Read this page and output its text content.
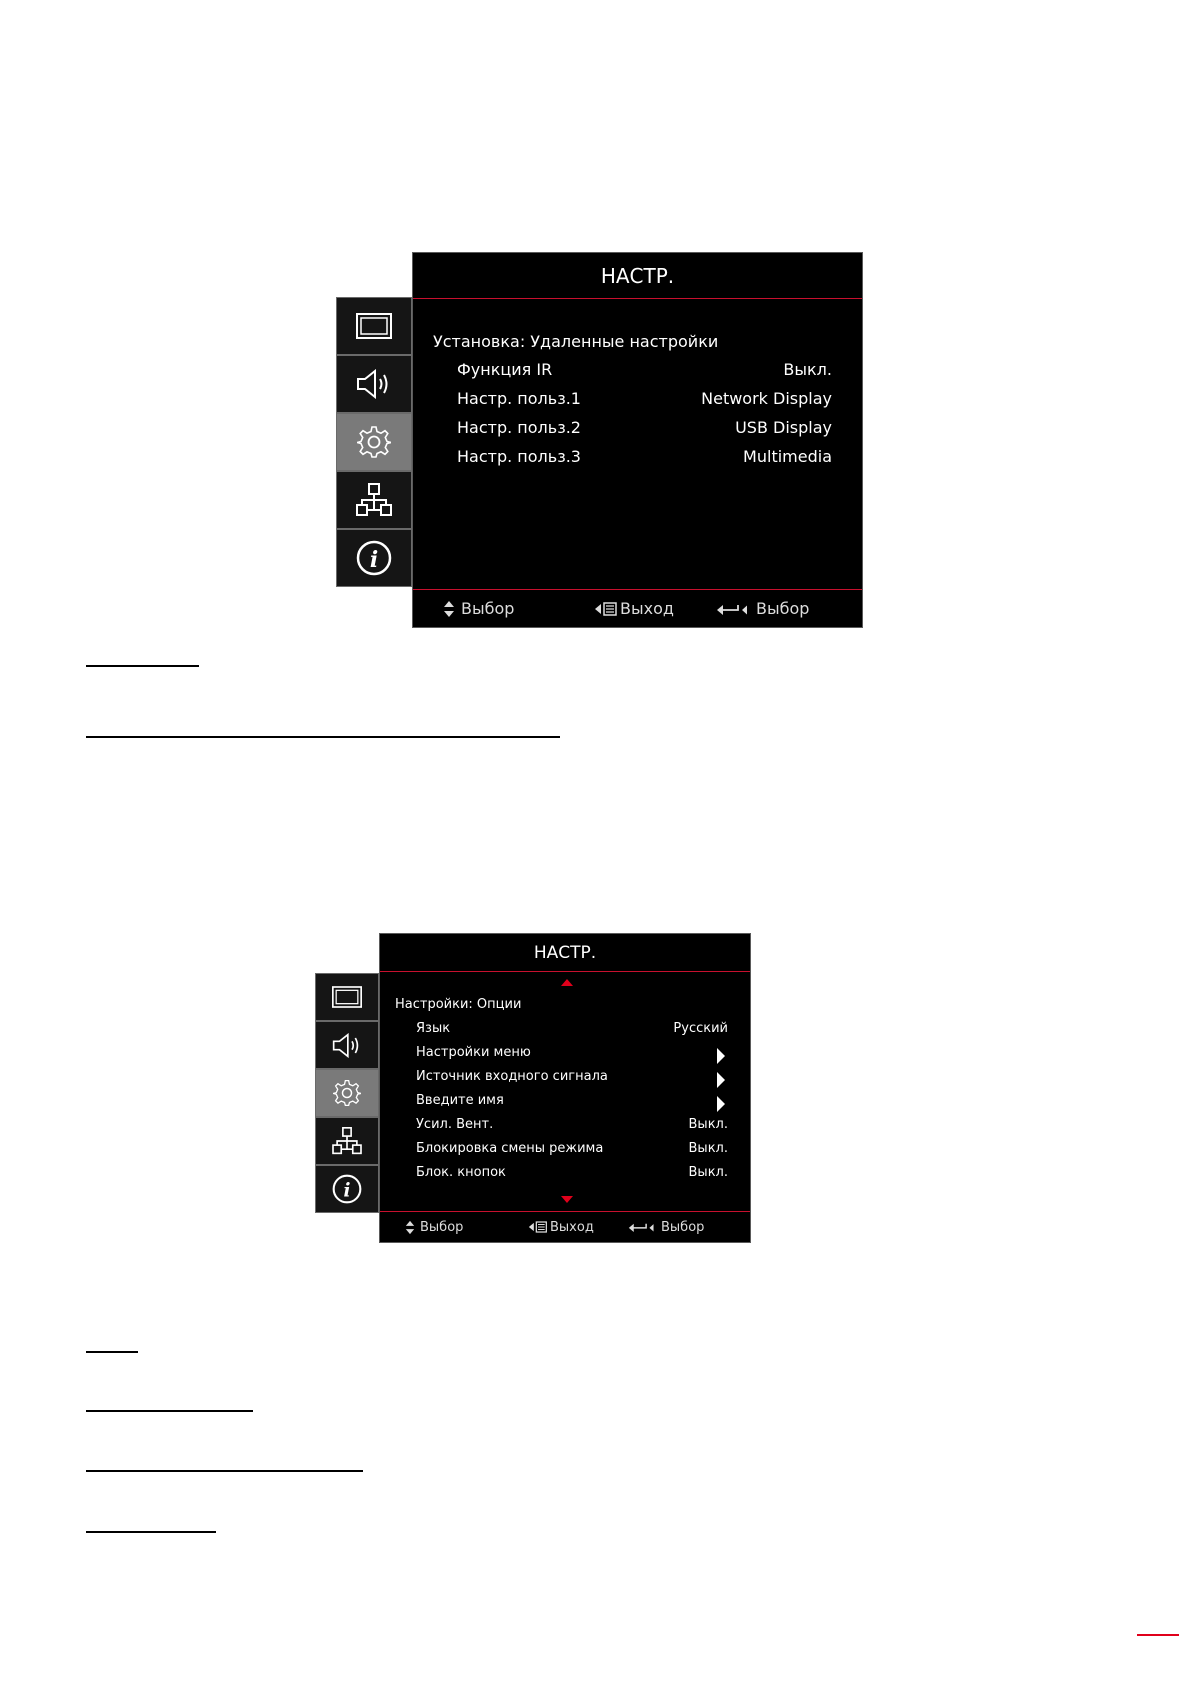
i
НАСТР.
Установка: Удаленные настройки
Функция IR	Выкл.
Настр. польз.1	Network Display
Настр. польз.2	USB Display
Настр. польз.3	Multimedia
Выбор	Выход	Выбор
i
НАСТР.
Настройки: Опции
Язык	Русский
Настройки меню
Источник входного сигнала
Введите имя
Усил. Вент.	Выкл.
Блокировка смены режима	Выкл.
Блок. кнопок	Выкл.
Выбор	Выход	Выбор
